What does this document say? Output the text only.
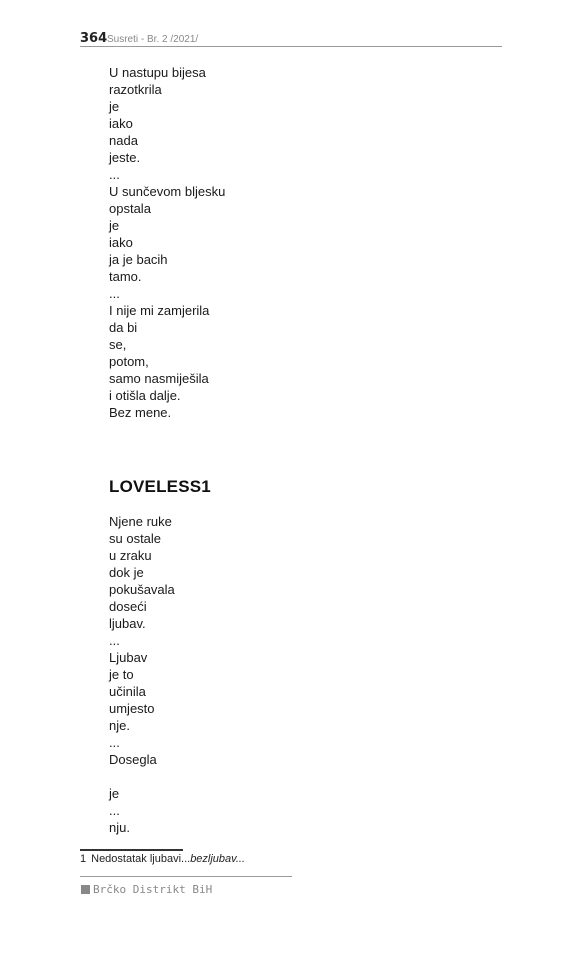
364 Susreti - Br. 2 /2021/
U nastupu bijesa
razotkrila
je
iako
nada
jeste.
...
U sunčevom bljesku
opstala
je
iako
ja je bacih
tamo.
...
I nije mi zamjerila
da bi
se,
potom,
samo nasmiješila
i otišla dalje.
Bez mene.
LOVELESS1
Njene ruke
su ostale
u zraku
dok je
pokušavala
doseći
ljubav.
...
Ljubav
je to
učinila
umjesto
nje.
...
Dosegla
je
...
nju.
1 Nedostatak ljubavi...bezljubav...
Brčko Distrikt BiH
